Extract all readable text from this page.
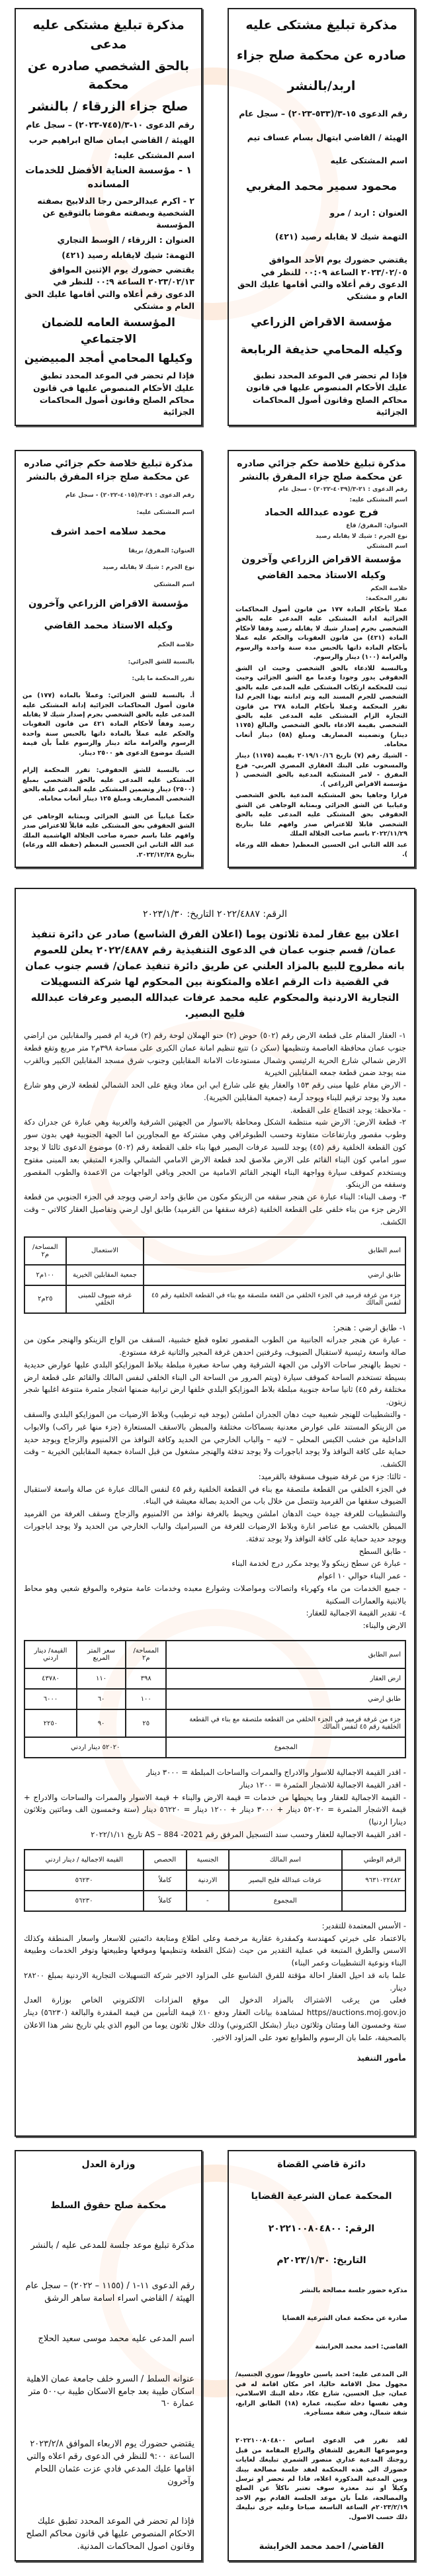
مذكرة تبليغ مشتكى عليه
صادره عن محكمة صلح جزاء
اربد/بالنشر
رقم الدعوى ١٥-٣/(٥٣٣-٢٠٢٣) – سجل عام
الهيئة / القاضي ابتهال بسام عساف تيم
اسم المشتكى عليه
محمود سمير محمد المغربي
العنوان : اربد / مرو
التهمة شيك لا يقابله رصيد (٤٢١)
يقتضي حضورك يوم الأحد الموافق ٢٠٢٣/٠٢/٠٥ الساعة ٠٠:٠٩ للنظر في الدعوى رقم أعلاه والتي أقامها عليك الحق العام و مشتكي
مؤسسة الاقراض الزراعي
وكيله المحامي حذيفة الربابعة
فإذا لم تحضر في الموعد المحدد تطبق عليك الأحكام المنصوص عليها في قانون محاكم الصلح وقانون أصول المحاكمات الجزائية
مذكرة تبليغ مشتكى عليه مدعى
بالحق الشخصي صادره عن محكمة
صلح جزاء الزرقاء / بالنشر
رقم الدعوى ١٠-٣/(٧٤٥-٢٠٢٣) – سجل عام
الهيئة / القاضي ايمان صالح ابراهيم حرب
اسم المشتكى عليه:
١ - مؤسسة العناية الأفضل للخدمات المسانده
٢ - اكرم عبدالرحمن رجا الدلابيح بصفته الشخصية وبصفته مفوضا بالتوقيع عن المؤسسة
العنوان : الزرقاء / الوسط التجاري
التهمة: شيك لايقابله رصيد (٤٢١)
يقتضي حضورك يوم الإثنين الموافق ٢٠٢٣/٠٢/١٣ الساعة ٠٠:٩ للنظر في الدعوى رقم أعلاه والتي أقامها عليك الحق العام و مشتكي
المؤسسة العامه للضمان الاجتماعي
وكيلها المحامي أمجد المبيضين
فإذا لم تحضر في الموعد المحدد تطبق عليك الأحكام المنصوص عليها في قانون محاكم الصلح وقانون أصول المحاكمات الجزائية
مذكرة تبليغ خلاصة حكم جزائي صادره عن محكمة صلح جزاء المفرق بالنشر
رقم الدعوى : ٢١-٣/(٤٠٣٩-٢٠٢٢) - سجل عام
اسم المشتكى عليه:
فرج عوده عبدالله الحماد
العنوان: المفرق/ قاع
نوع الجرم : شيك لا يقابله رصيد
اسم المشتكي
مؤسسة الاقراض الزراعي وآخرون
وكيله الاستاذ محمد القاضي
خلاصة الحكم
تقرر المحكمة:
عملا بأحكام المادة ١٧٧ من قانون أصول المحاكمات الجزائية ادانة المشتكى عليه المدعى عليه بالحق الشخصي بجرم إصدار شيك لا يقابله رصيد وفقا لأحكام المادة (٤٢١) من قانون العقوبات والحكم عليه عملا بأحكام المادة ذاتها بالحبس مدة سنة واحدة والرسوم والغرامة (١٠٠) دينار والرسوم.
وبالنسبة للادعاء بالحق الشخصي وحيث ان الشق الحقوقي يدور وجودا وعدما مع الشق الجزائي وحيث ثبت للمحكمة ارتكاب المشتكى عليه المدعى عليه بالحق الشخصي للجرم المسند اليه وتم ادانته بهذا الجرم لذا تقرر المحكمة وعملا بأحكام المادة ٢٧٨ من قانون التجارة الزام المشتكى عليه المدعى عليه بالحق الشخصي بقيمة الادعاء بالحق الشخصي والبالغ (١١٧٥ دينار) وتضمينه المصاريف ومبلغ (٥٨) دينار أتعاب محاماة.
- الشيك رقم (٧) تاريخ ٢٠١٩/١٠/١٦ بقيمة (١١٧٥) دينار والمسحوب على البنك العقاري المصري العربي– فرع المفرق - لامر المشتكية المدعية بالحق الشخصي ( مؤسسة الاقراض الزراعي ).
قرارا وجاهيا بحق المشتكية المدعية بالحق الشخصي وغيابيا عن الشق الجزائي وبمثابة الوجاهي عن الشق الحقوقي بحق المشتكى عليه المدعى عليه بالحق الشخصي قابلا للاعتراض صدر وافهم علنا بتاريخ ٢٠٢٢/١١/٢٩ باسم صاحب الجلالة الملك
عبد الله الثاني ابن الحسين المعظم( حفظه الله ورعاه ).
مذكرة تبليغ خلاصة حكم جزائي صادره عن محكمة صلح جزاء المفرق بالنشر
رقم الدعوى : ٢١-٣/(٤٠١٥-٢٠٢٢) - سجل عام
اسم المشتكى عليه:
محمد سلامه احمد اشرف
العنوان: المفرق/ بريقا
نوع الجرم : شيك لا يقابله رصيد
اسم المشتكي
مؤسسة الاقراض الزراعي وآخرون
وكيله الاستاذ محمد القاضي
خلاصة الحكم
بالنسبة للشق الجزائي:
تقرر المحكمة ما يلي:
أ. بالنسبة للشق الجزائي: وعملاً بالمادة (١٧٧) من قانون أصول المحاكمات الجزائية إدانة المشتكى عليه المدعى عليه بالحق الشخصي بجرم إصدار شيك لا يقابله رصيد وفقاً لأحكام المادة ٤٢١ من قانون العقوبات والحكم عليه عملاً بالمادة ذاتها بالحبس سنة واحدة الرسوم والغرامة مائة دينار والرسوم علماً بأن قيمة الشيك موضوع الدعوى هو ٢٥٠٠ دينار.
ب. بالنسبة للشق الحقوقي: تقرر المحكمة إلزام المشتكى عليه المدعى عليه بالحق الشخصي بمبلغ (٢٥٠٠) دينار وتضمين المشتكى عليه المدعى عليه بالحق الشخصي المصاريف ومبلغ ١٢٥ دينار أتعاب محاماه.
حكماً غيابياً عن الشق الجزائي وبمثابة الوجاهي عن الشق الحقوقي بحق المشتكى عليه قابلاً للاعتراض صدر وافهم علنا باسم حضرة صاحب الجلالة الهاشمية الملك عبد الله الثاني ابن الحسين المعظم (حفظه الله ورعاه) بتاريخ ٢٠٢٢/١٢/٢٨.
الرقم: ٢٠٢٢/٤٨٨٧ التاريخ: ٢٠٢٣/١/٣٠
اعلان بيع عقار لمدة ثلاثون يوما (اعلان الفرق الشاسع) صادر عن دائرة تنفيذ عمان/ قسم جنوب عمان في الدعوى التنفيذية رقم ٢٠٢٢/٤٨٨٧ يعلن للعموم بانه مطروح للبيع بالمزاد العلني عن طريق دائرة تنفيذ عمان/ قسم جنوب عمان في القضية ذات الرقم اعلاه والمتكونة بين المحكوم لها شركة التسهيلات التجارية الاردنية والمحكوم عليه محمد عرفات عبدالله البصير وعرفات عبدالله فليح البصير.
١- العقار المقام على قطعة الارض رقم (٥٠٢) حوض (٢) حنو الهملان لوحة رقم (٢) قرية ام قصير والمقابلين من اراضي جنوب عمان محافظة العاصمة وتنظيمها (سكن د) تتبع تنظيم امانة عمان الكبرى على مساحة ٣٩٨م٢ متر مربع وتقع قطعة الارض شمالي شارع الحرية الرئيسي وشمال مستودعات الامانة المقابلين وجنوب شرق مسجد المقابلين الكبير وبالقرب منه يوجد ضمن قطعة جمعه المقابلين الخيرية
- الارض مقام عليها مبنى رقم ١٥٣ والعقار يقع على شارع ابي ابن معاذ ويقع على الحد الشمالي لقطعة لارض وهو شارع معبد ولا يوجد ترقيم للبناء ويوجد آرمة (جمعية المقابلين الخيرية).
- ملاحظة: يوجد اقتطاع على القطعة.
٢- قطعة الارض: الارض شبه منتظمة الشكل ومحاطة بالاسوار من الجهتين الشرقية والغربية وهي عبارة عن جدران دكة وطوب مقصور وبارتفاعات متفاوتة وحسب الطبوغرافي وهي مشتركة مع المجاورين اما الجهة الجنوبية فهي بدون سور كون القطعة الخلفية رقم (٤٥) يوجد للسيد عرفات البصير فيها بناء خلف القطعة رقم (٥٠٢) موضوع الدعوى ثالثا لا يوجد سور امامي كون البناء القائم على الارض ملاصق لحد قطعة الارض الامامي الشمالي والجزء المتبقي بعد المبنى مفتوح ويستخدم كموقف سيارة وواجهة البناء الهنجر القائم الامامية من الحجر وباقي الواجهات من الاعمدة والطوب المقصور وسقفه من الزينكو.
٣- وصف البناء: البناء عبارة عن هنجر سقفه من الزينكو مكون من طابق واحد ارضي ويوجد في الجزء الجنوبي من قطعة الارض جزء من بناء خلفي على القطعة الخلفية (غرفة سقفها من القرميد) طابق اول ارضي وتفاصيل العقار كالاتي – وقت الكشف.
اسم الطابق	الاستعمال	المساحة/م٢
طابق ارضي	جمعية المقابلين الخيرية	١٠٠م٢
جزء من غرفة قرميد في الجزء الخلفي من القعة ملتصقة مع بناء في القطعة الخلفية رقم ٤٥ لنفس المالك	غرفة ضيوف للمبنى الخلفي	٢٥م٢
١- طابق ارضي : هنجر:
- عبارة عن هنجر جدرانه الجانبية من الطوب المقصور تعلوه قطع خشبية، السقف من الواح الزينكو والهنجر مكون من صالة واسعة رئيسية لاستقبال الضيوف، وغرفتين احدهن غرفة المجير والثانية غرفة مستودع.
- تحيط بالهنجر ساحات الاولى من الجهة الشرقية وهي ساحة صغيرة مبلطة ببلاط الموزايكو البلدي عليها عوارض حديدية بسيطة تستخدم الساحة كموقف سيارة (ويتم المرور من الساحة الى البناء الخلفي لنفس المالك والقائم على قطعة ارض مختلفة رقم ٤٥) ثانيا ساحة جنوبية مبلطة بلاط الموزايكو البلدي خلفها ارض ترابية ضمنها اشجار مثمرة متنوعة اغلبها شجر زيتون.
- والتشطيبات للهنجر شعبية حيث دهان الجدران املشن (يوجد فيه ترطيب) وبلاط الارضيات من الموزايكو البلدي والسقف من الزينكو المستند على عوارض معدنية بسماكات مختلفة والمبطن بالاسقف المستعارة (جزء منها غير راكب) والابواب الداخلية من خشب الكبس المحلي – لاتيه – والباب الخارجي من الحديد وكافة النوافذ من الالمنيوم والزجاج ويوجد حديد حماية على كافة النوافذ ولا يوجد اباجورات ولا يوجد تدفئة والهنجر مشغول من قبل السادة جمعية المقابلين الخيرية – وقت الكشف.
- ثالثا: جزء من غرفة ضيوف مسقوفة بالقرميد:
في الجزء الخلفي من القطعة ملتصقة مع بناء في القطعة الخلفية رقم ٤٥ لنفس المالك عبارة عن صالة واسعة لاستقبال الضيوف سقفها من القرميد وتتصل من خلال باب من الحديد بصالة معيشة في البناء.
والتشطيبات للغرفة جيدة حيث الدهان املشن ويحيط بالغرفة نوافذ من الالمنيوم والزجاج وسقف الغرفة من القرميد المبطن بالخشب مع عناصر انارة وبلاط الارضيات للغرفة من السيراميك والباب الخارجي من الحديد ولا يوجد اباجورات ويوجد حديد حماية على كافة النوافذ ولا يوجد تدفئة.
- طابق السطح
- عبارة عن سطح زينكو ولا يوجد مكرر درج لخدمة البناء
- عمر البناء حوالي ١٠ اعوام
- جميع الخدمات من ماء وكهرباء واتصالات ومواصلات وشوارع معبده وخدمات عامة متوفره والموقع شعبي وهو محاط بالابنية والعمارات السكنية
٤- تقدير القيمة الاجمالية للعقار:
الارض والبناء:
اسم الطابق	المساحة/م٢	سعر المتر المربع	القيمة/ دينار اردني
ارض العقار	٣٩٨	١١٠	٤٣٧٨٠
طابق ارضي	١٠٠	٦٠	٦٠٠٠
جزء من غرفة قرميد في الجزء الخلفي من القطعة ملتصقة مع بناء في القطعة الخلفية رقم ٤٥ لنفس المالك	٢٥	٩٠	٢٢٥٠
المجموع	٥٢٠٢٠ دينار اردني		
- اقدر القيمة الاجمالية للاسوار والادراج والممرات والساحات المبلطة = ٣٠٠٠ دينار
- اقدر القيمة الاجمالية للاشجار المثمرة = ١٢٠٠ دينار
- القيمة الاجمالية للعقار وما يحيطها من خدمات = قيمة الارض والبناء + قيمة الاسوار والممرات والساحات والادراج + قيمة الاشجار المثمرة = ٥٢٠٢٠ دينار + ٣٠٠٠ دينار + ١٢٠٠ دينار = ٥٦٢٢٠ دينار (ستة وخمسون الف ومائتين وثلاثون دينارا اردنيا)
- اقدر القيمة الاجمالية للعقار وحسب سند التسجيل المرفق رقم 2021- AS – 884 تاريخ ٢٠٢٢/١/١١
الرقم الوطني	اسم المالك	الجنسية	الحصص	القيمة الاجمالية / دينار اردني
٩٦٣١٠٢٢٤٨٢	عرفات عبدالله فليح البصير	الاردنية	كاملاً	٥٦٢٣٠
	المجموع	-	كاملاً	٥٦٢٣٠
- الأسس المعتمدة للتقدير:
بالاعتماد على خبرتي كمهندسة وكمقدرة عقارية مرخصة وعلى اطلاع ومتابعة دائمتين للاسعار واسعار المنطقة وكذلك الاسس والطرق المتبعة في عملية التقدير من حيث (شكل القطعة وتنظيمها وموقعها وطبيعتها وتوفر الخدمات وطبيعة البناء ونوعية التشطيبات وعمر البناء)
علما بانه قد احيل العقار احالة مؤقتة للفرق الشاسع على المزاود الاخير شركة التسهيلات التجارية الاردنية بمبلغ ٢٨٢٠٠ دينار.
فعلى من يرغب الاشتراك بالمزاد الدخول الى موقع المزادات الالكتروني الخاص بوزارة العدل https//auctions.moj.gov.jo لمشاهدة بيانات العقار ودفع ١٠٪ قيمة التأمين من قيمة المقدرة والبالغة (٥٦٢٣٠) دينار ستة وخمسون الفا ومئتان وثلاثون دينار (بشكل الكتروني) وذلك خلال ثلاثون يوما من اليوم الذي يلي تاريخ نشر هذا الاعلان بالصحيفة، علما بان الرسوم والطوابع تعود على المزاود الاخير.
مأمور التنفيذ
دائرة قاضي القضاة
المحكمة عمان الشرعية القضايا
الرقم: ٢٠٢٢١٠٠٨٠٤٨٠٠
التاريخ: ٢٠٢٣/١/٣٠م
مذكرة حضور جلسة مصالحة بالنشر
صادرة عن محكمة عمان الشرعية القضايا
القاضي: احمد محمد الخرابشة
الى المدعى عليه: احمد ياسين حاووط/ سوري الجنسية/ مجهول محل الاقامة حاليا، اخر مكان اقامة له في عمان، جبل الحسين، شارع عكا، دخلة البنك الاسلامي، وهي نفسها دخلة سكينة، عمارة (١٨) الطابق الرابع، شقة شمال، وهي شقة مستأجرة.
لقد تقرر في الدعوى اساس ٢٠٢٢١٠٠٨٠٤٨٠٠ وموضوعها التفريق للشقاق والنزاع المقامة من قبل زوجتك المدعية عذاري منصور الشمري تبليغك لغايات حضورك الى هذه المحكمة لعقد جلسة مصالحة بينك وبين المدعية المذكورة اعلاه، فاذا لم تحضر او ترسل وكيلاً او تبد معذرة سوف تعتبر ناكلاً عن الصلح والمصالحة، علماً بان موعد الجلسة القادم يوم الاحد ٢٠٢٣/٢/١٩م الساعة التاسعة صباحا وعليه جرى تبليغك ذلك حسب الاصول.
القاضي/ احمد محمد الخرابشة
وزارة العدل
محكمة صلح حقوق السلط
مذكرة تبليغ موعد جلسة للمدعى عليه / بالنشر
رقم الدعوى ١١-١ / (١١٥٥ – ٢٠٢٢) – سجل عام الهيئة / القاضي اسراء اسامة ساهر الرشق
اسم المدعى عليه محمد موسى سعيد الحلاج
عنوانه السلط / السرو خلف جامعة عمان الاهلية اسكان طيبة بعد جامع الاسكان طيبة ب٥٠٠ متر عمارة ٦٠
يقتضي حضورك يوم الاربعاء الموافق ٢٠٢٣/٢/٨ الساعة ٩:٠٠ للنظر في الدعوى رقم اعلاه والتي اقامها عليك المدعي فادي عزت عثمان اللحام وآخرون
فإذا لم تحضر في الموعد المحدد تطبق عليك الاحكام المنصوص عليها في قانون محاكم الصلح وقانون اصول المحاكمات المدنية.
